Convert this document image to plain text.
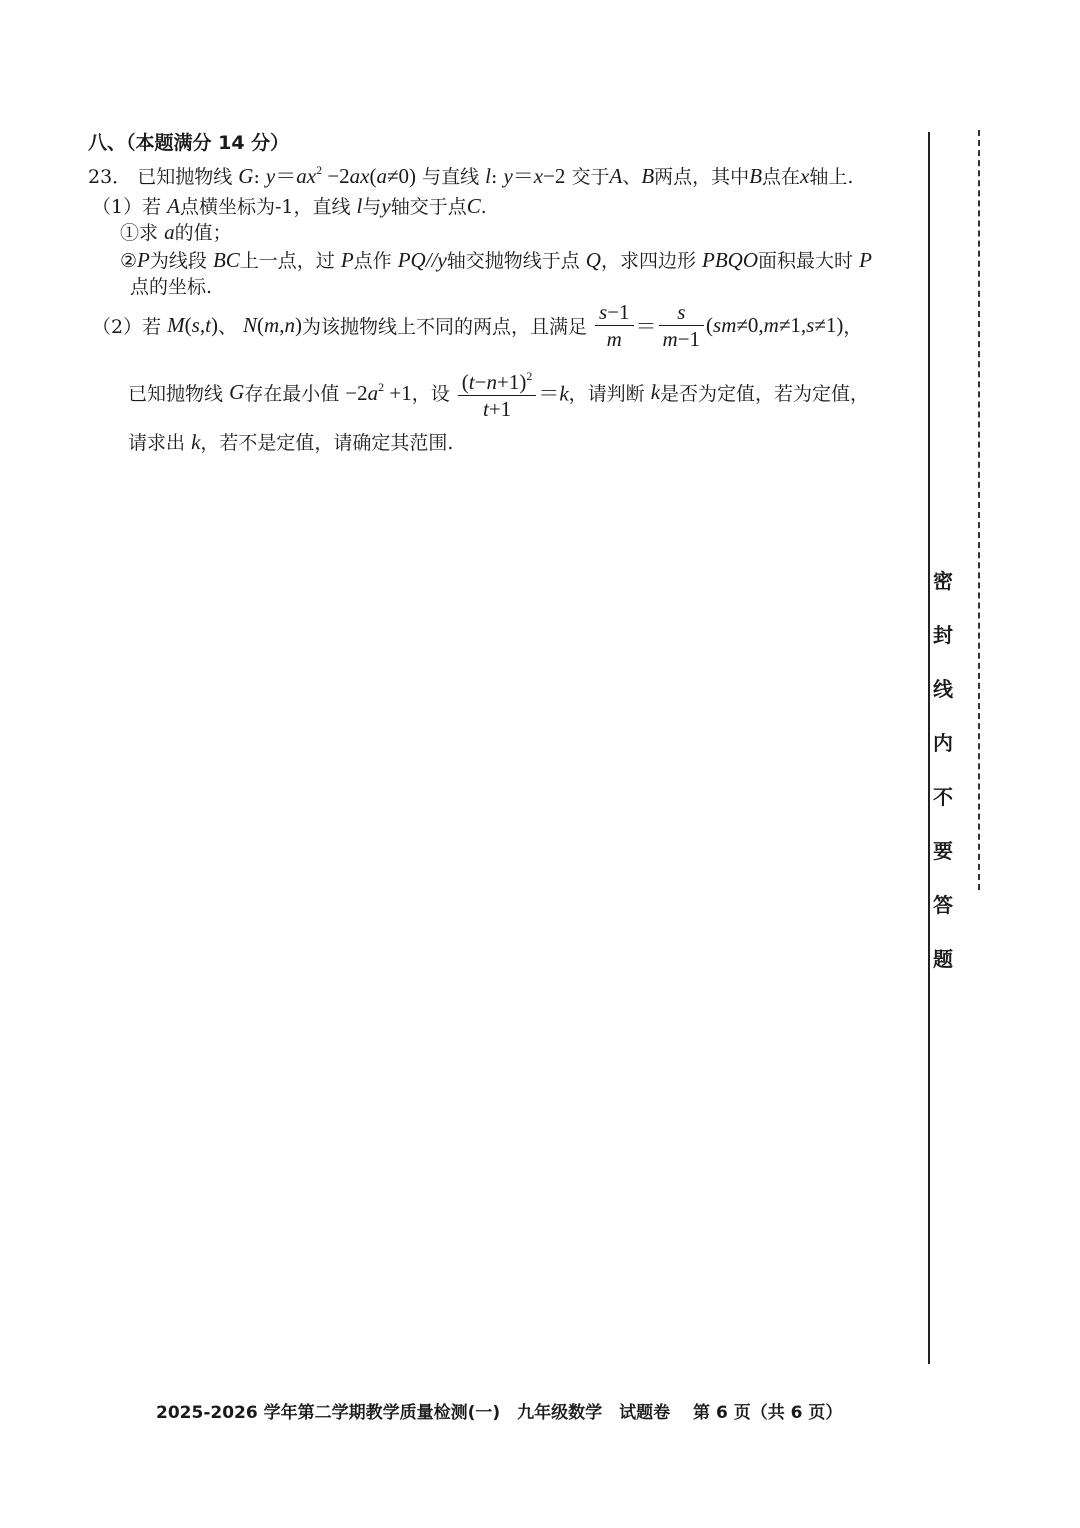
八、（本题满分 14 分）
23． 已知抛物线 G: $y=ax^2 -2ax(a\ne 0)$ 与直线 l: y＝x−2 交于A、B两点，其中B点在x轴上.
（1）若 A点横坐标为-1，直线 l与y轴交于点C.
①求 a的值；
②P为线段 BC上一点，过 P点作 PQ//y轴交抛物线于点 Q，求四边形 PBQO面积最大时 P
点的坐标.
（2）若 M(s,t)、 N(m,n)为该抛物线上不同的两点，且满足 $\frac{s-1}{m} = \frac{s}{m-1} (sm\ne 0,m\ne 1,s\ne 1)$，
已知抛物线 G存在最小值 $-2a^2 +1$，设 $\frac{(t-n+1)^2}{t+1} =k$，请判断 k是否为定值，若为定值，
请求出 k，若不是定值，请确定其范围.
密
封
线
内
不
要
答
题
2025-2026 学年第二学期教学质量检测(一)　九年级数学　试题卷　 第 6 页（共 6 页）
